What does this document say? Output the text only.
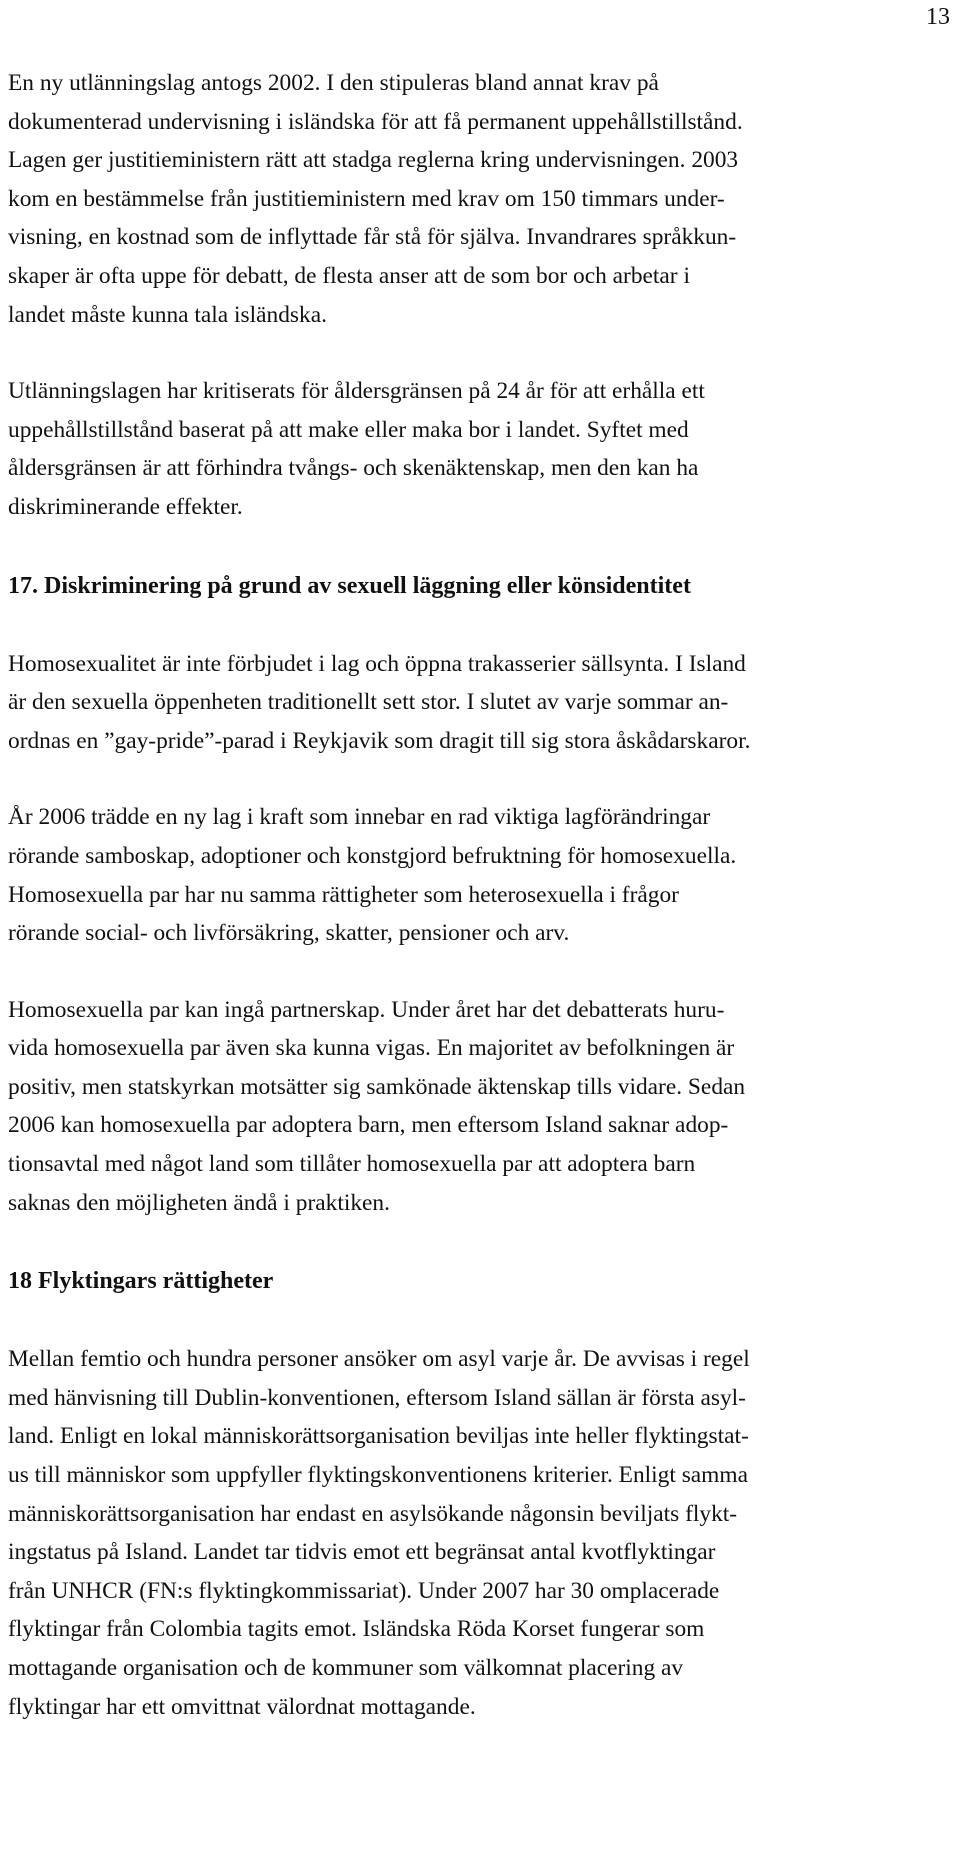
13

En ny utlänningslag antogs 2002. I den stipuleras bland annat krav på
dokumenterad undervisning i isländska för att få permanent uppehållstillstånd.
Lagen ger justitieministern rätt att stadga reglerna kring undervisningen. 2003
kom en bestämmelse från justitieministern med krav om 150 timmars under-
visning, en kostnad som de inflyttade får stå för själva. Invandrares språkkun-
skaper är ofta uppe för debatt, de flesta anser att de som bor och arbetar i
landet måste kunna tala isländska.

Utlänningslagen har kritiserats för åldersgränsen på 24 år för att erhålla ett
uppehållstillstånd baserat på att make eller maka bor i landet. Syftet med
åldersgränsen är att förhindra tvångs- och skenäktenskap, men den kan ha
diskriminerande effekter.

17. Diskriminering på grund av sexuell läggning eller könsidentitet

Homosexualitet är inte förbjudet i lag och öppna trakasserier sällsynta. I Island
är den sexuella öppenheten traditionellt sett stor. I slutet av varje sommar an-
ordnas en ”gay-pride”-parad i Reykjavik som dragit till sig stora åskådarskaror.

År 2006 trädde en ny lag i kraft som innebar en rad viktiga lagförändringar
rörande samboskap, adoptioner och konstgjord befruktning för homosexuella.
Homosexuella par har nu samma rättigheter som heterosexuella i frågor
rörande social- och livförsäkring, skatter, pensioner och arv.

Homosexuella par kan ingå partnerskap. Under året har det debatterats huru-
vida homosexuella par även ska kunna vigas. En majoritet av befolkningen är
positiv, men statskyrkan motsätter sig samkönade äktenskap tills vidare. Sedan
2006 kan homosexuella par adoptera barn, men eftersom Island saknar adop-
tionsavtal med något land som tillåter homosexuella par att adoptera barn
saknas den möjligheten ändå i praktiken.

18 Flyktingars rättigheter

Mellan femtio och hundra personer ansöker om asyl varje år. De avvisas i regel
med hänvisning till Dublin-konventionen, eftersom Island sällan är första asyl-
land. Enligt en lokal människorättsorganisation beviljas inte heller flyktingstat-
us till människor som uppfyller flyktingskonventionens kriterier. Enligt samma
människorättsorganisation har endast en asylsökande någonsin beviljats flykt-
ingstatus på Island. Landet tar tidvis emot ett begränsat antal kvotflyktingar
från UNHCR (FN:s flyktingkommissariat). Under 2007 har 30 omplacerade
flyktingar från Colombia tagits emot. Isländska Röda Korset fungerar som
mottagande organisation och de kommuner som välkomnat placering av
flyktingar har ett omvittnat välordnat mottagande.
